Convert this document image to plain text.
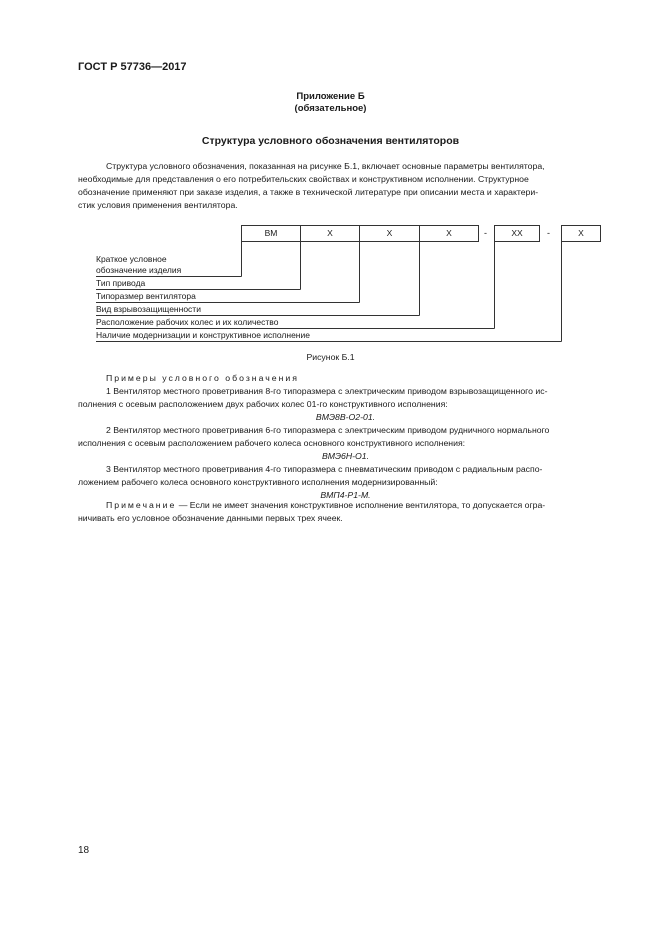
ГОСТ Р 57736—2017
Приложение Б
(обязательное)
Структура условного обозначения вентиляторов

Структура условного обозначения, показанная на рисунке Б.1, включает основные параметры вентилятора,

необходимые для представления о его потребительских свойствах и конструктивном исполнении. Структурное

обозначение применяют при заказе изделия, а также в технической литературе при описании места и характери-

стик условия применения вентилятора.

ВМ	Х	Х	Х	-	ХХ	-	Х
Краткое условное
обозначение изделия
Тип привода
Типоразмер вентилятора
Вид взрывозащищенности
Расположение рабочих колес и их количество
Наличие модернизации и конструктивное исполнение
Рисунок Б.1

Примеры условного обозначения

1 Вентилятор местного проветривания 8-го типоразмера с электрическим приводом взрывозащищенного ис-

полнения с осевым расположением двух рабочих колес 01-го конструктивного исполнения:

ВМЭ8В-О2-01.

2 Вентилятор местного проветривания 6-го типоразмера с электрическим приводом рудничного нормального

исполнения с осевым расположением рабочего колеса основного конструктивного исполнения:

ВМЭ6Н-О1.

3 Вентилятор местного проветривания 4-го типоразмера с пневматическим приводом с радиальным распо-

ложением рабочего колеса основного конструктивного исполнения модернизированный:

ВМП4-Р1-М.

Примечание — Если не имеет значения конструктивное исполнение вентилятора, то допускается огра-

ничивать его условное обозначение данными первых трех ячеек.

18
